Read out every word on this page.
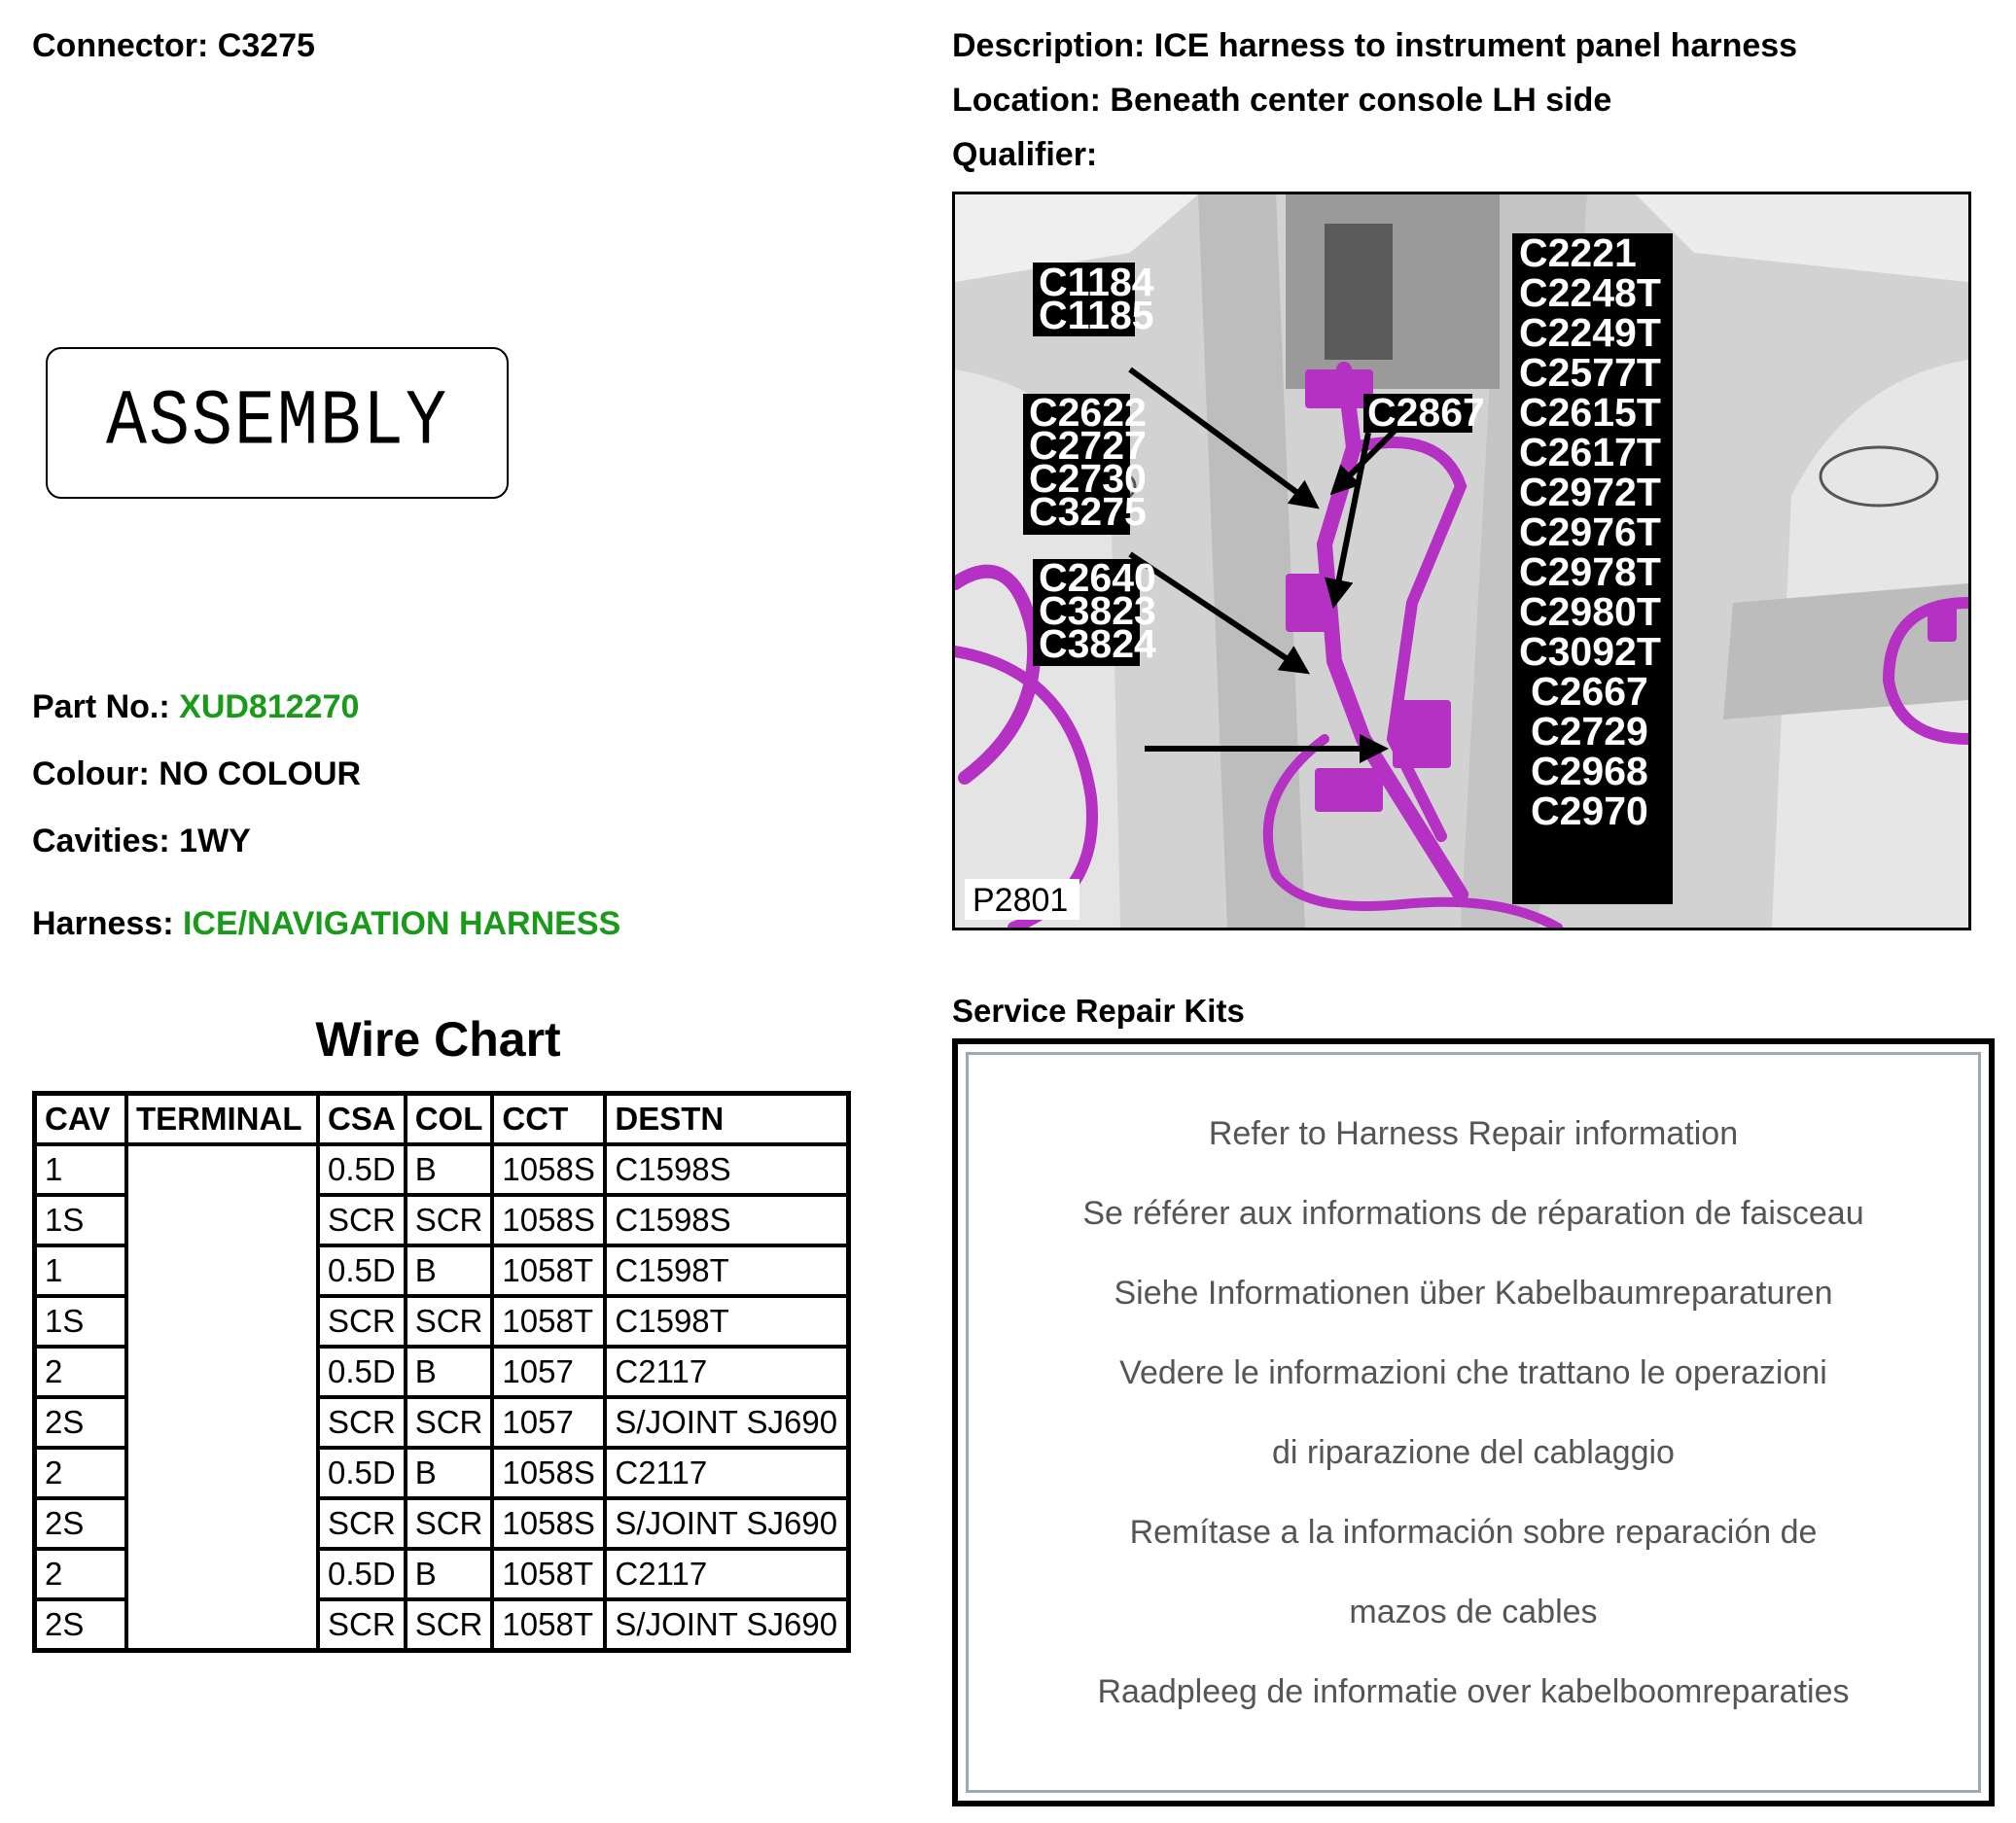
Connector: C3275	Description: ICE harness to instrument panel harness
Location: Beneath center console LH side
Qualifier:
ASSEMBLY
Part No.: XUD812270
Colour: NO COLOUR
Cavities: 1WY
Harness: ICE/NAVIGATION HARNESS
Wire Chart
CAV	TERMINAL	CSA	COL	CCT	DESTN
1		0.5D	B	1058S	C1598S
1S		SCR	SCR	1058S	C1598S
1		0.5D	B	1058T	C1598T
1S		SCR	SCR	1058T	C1598T
2		0.5D	B	1057	C2117
2S		SCR	SCR	1057	S/JOINT SJ690
2		0.5D	B	1058S	C2117
2S		SCR	SCR	1058S	S/JOINT SJ690
2		0.5D	B	1058T	C2117
2S		SCR	SCR	1058T	S/JOINT SJ690
C1184
C1185
C2622
C2727
C2730
C3275
C2640
C3823
C3824
C2867
C2221
C2248T
C2249T
C2577T
C2615T
C2617T
C2972T
C2976T
C2978T
C2980T
C3092T
C2667
C2729
C2968
C2970
P2801
Service Repair Kits
Refer to Harness Repair information
Se référer aux informations de réparation de faisceau
Siehe Informationen über Kabelbaumreparaturen
Vedere le informazioni che trattano le operazioni
di riparazione del cablaggio
Remítase a la información sobre reparación de
mazos de cables
Raadpleeg de informatie over kabelboomreparaties
